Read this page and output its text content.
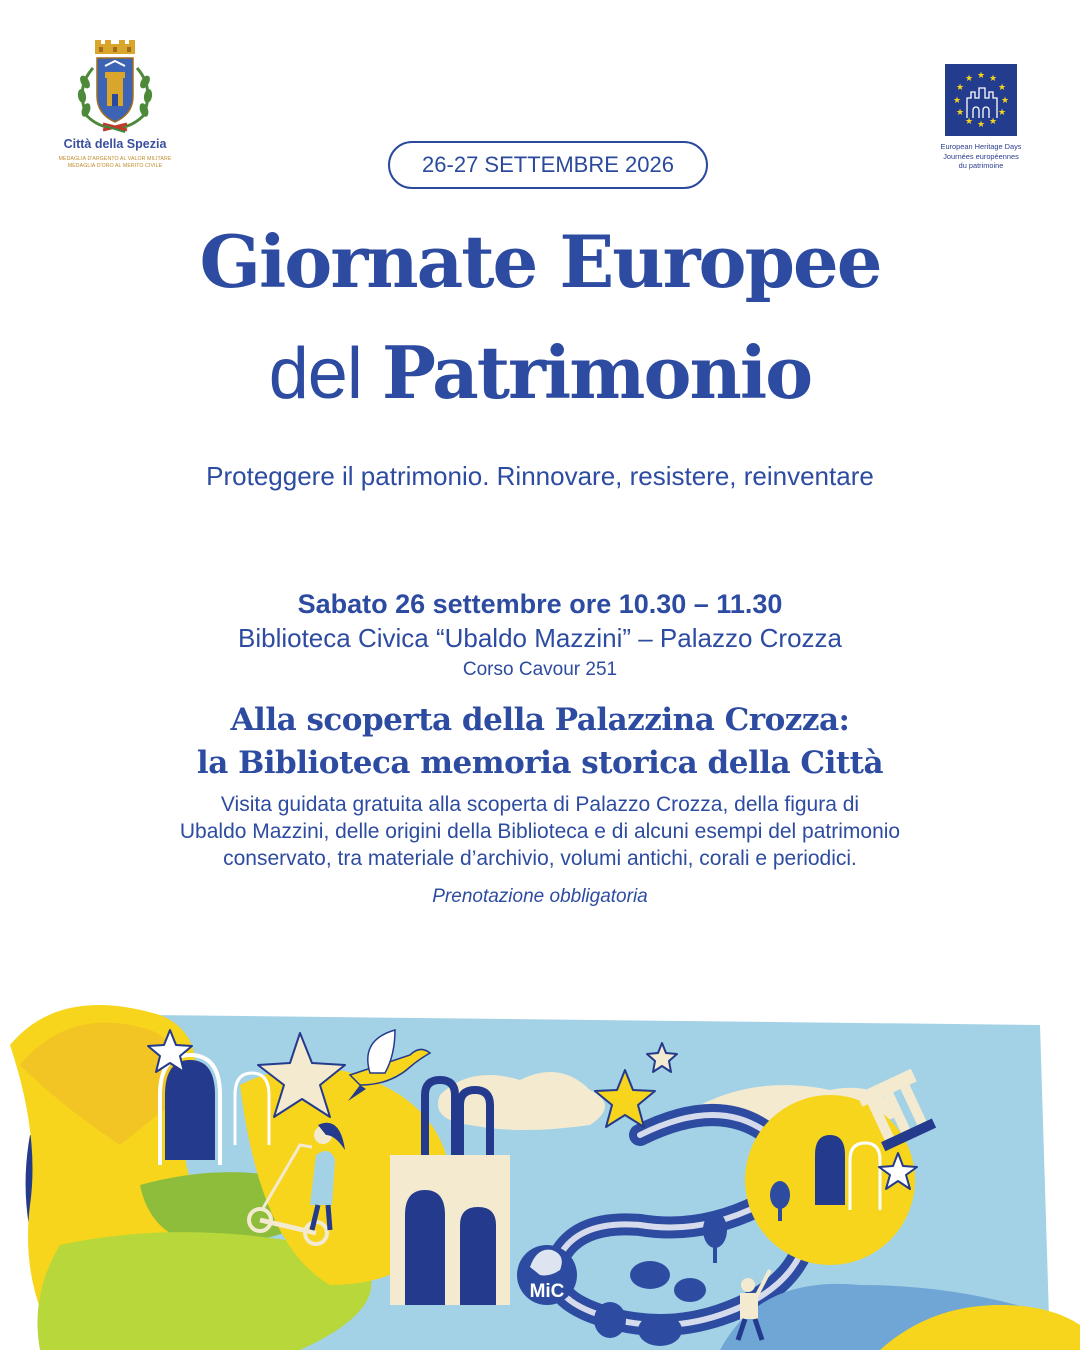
Città della Spezia
MEDAGLIA D'ARGENTO AL VALOR MILITARE
MEDAGLIA D'ORO AL MERITO CIVILE
★ ★
★
★
★
★
★
★
★
★
★
★
European Heritage Days
Journées européennes
du patrimoine
26-27 SETTEMBRE 2026
Giornate Europee
del Patrimonio
Proteggere il patrimonio. Rinnovare, resistere, reinventare
Sabato 26 settembre ore 10.30 – 11.30
Biblioteca Civica “Ubaldo Mazzini” – Palazzo Crozza
Corso Cavour 251
Alla scoperta della Palazzina Crozza:
la Biblioteca memoria storica della Città
Visita guidata gratuita alla scoperta di Palazzo Crozza, della figura di
Ubaldo Mazzini, delle origini della Biblioteca e di alcuni esempi del patrimonio
conservato, tra materiale d’archivio, volumi antichi, corali e periodici.
Prenotazione obbligatoria
MiC
